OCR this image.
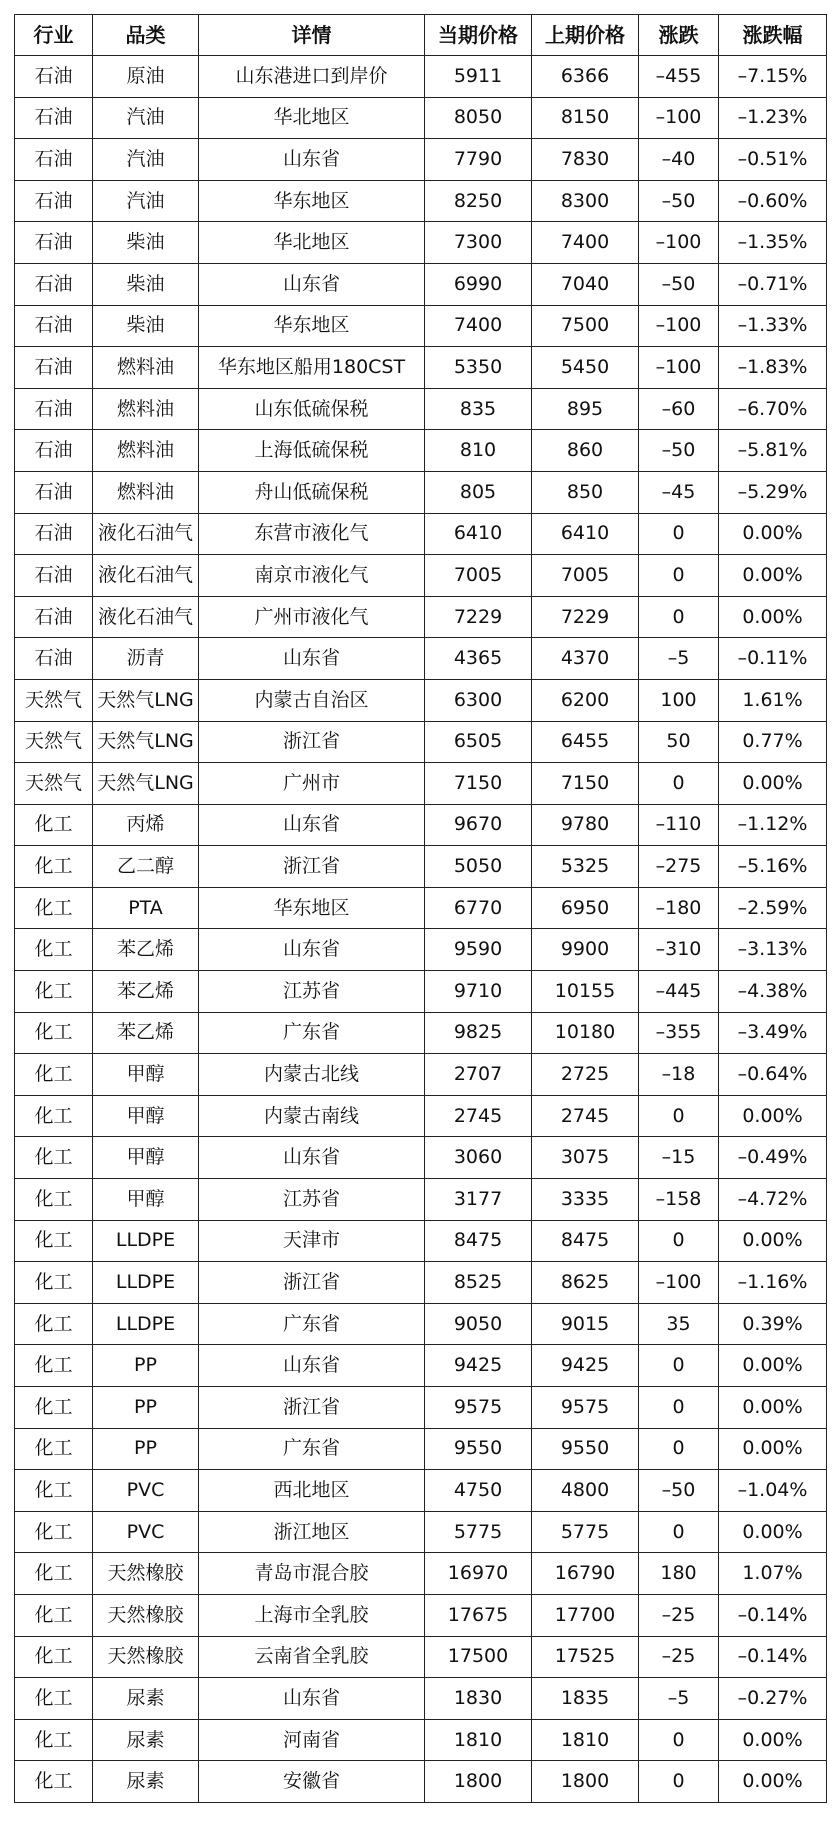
行业	品类	详情	当期价格	上期价格	涨跌	涨跌幅
石油	原油	山东港进口到岸价	5911	6366	–455	–7.15%
石油	汽油	华北地区	8050	8150	–100	–1.23%
石油	汽油	山东省	7790	7830	–40	–0.51%
石油	汽油	华东地区	8250	8300	–50	–0.60%
石油	柴油	华北地区	7300	7400	–100	–1.35%
石油	柴油	山东省	6990	7040	–50	–0.71%
石油	柴油	华东地区	7400	7500	–100	–1.33%
石油	燃料油	华东地区船用180CST	5350	5450	–100	–1.83%
石油	燃料油	山东低硫保税	835	895	–60	–6.70%
石油	燃料油	上海低硫保税	810	860	–50	–5.81%
石油	燃料油	舟山低硫保税	805	850	–45	–5.29%
石油	液化石油气	东营市液化气	6410	6410	0	0.00%
石油	液化石油气	南京市液化气	7005	7005	0	0.00%
石油	液化石油气	广州市液化气	7229	7229	0	0.00%
石油	沥青	山东省	4365	4370	–5	–0.11%
天然气	天然气LNG	内蒙古自治区	6300	6200	100	1.61%
天然气	天然气LNG	浙江省	6505	6455	50	0.77%
天然气	天然气LNG	广州市	7150	7150	0	0.00%
化工	丙烯	山东省	9670	9780	–110	–1.12%
化工	乙二醇	浙江省	5050	5325	–275	–5.16%
化工	PTA	华东地区	6770	6950	–180	–2.59%
化工	苯乙烯	山东省	9590	9900	–310	–3.13%
化工	苯乙烯	江苏省	9710	10155	–445	–4.38%
化工	苯乙烯	广东省	9825	10180	–355	–3.49%
化工	甲醇	内蒙古北线	2707	2725	–18	–0.64%
化工	甲醇	内蒙古南线	2745	2745	0	0.00%
化工	甲醇	山东省	3060	3075	–15	–0.49%
化工	甲醇	江苏省	3177	3335	–158	–4.72%
化工	LLDPE	天津市	8475	8475	0	0.00%
化工	LLDPE	浙江省	8525	8625	–100	–1.16%
化工	LLDPE	广东省	9050	9015	35	0.39%
化工	PP	山东省	9425	9425	0	0.00%
化工	PP	浙江省	9575	9575	0	0.00%
化工	PP	广东省	9550	9550	0	0.00%
化工	PVC	西北地区	4750	4800	–50	–1.04%
化工	PVC	浙江地区	5775	5775	0	0.00%
化工	天然橡胶	青岛市混合胶	16970	16790	180	1.07%
化工	天然橡胶	上海市全乳胶	17675	17700	–25	–0.14%
化工	天然橡胶	云南省全乳胶	17500	17525	–25	–0.14%
化工	尿素	山东省	1830	1835	–5	–0.27%
化工	尿素	河南省	1810	1810	0	0.00%
化工	尿素	安徽省	1800	1800	0	0.00%
